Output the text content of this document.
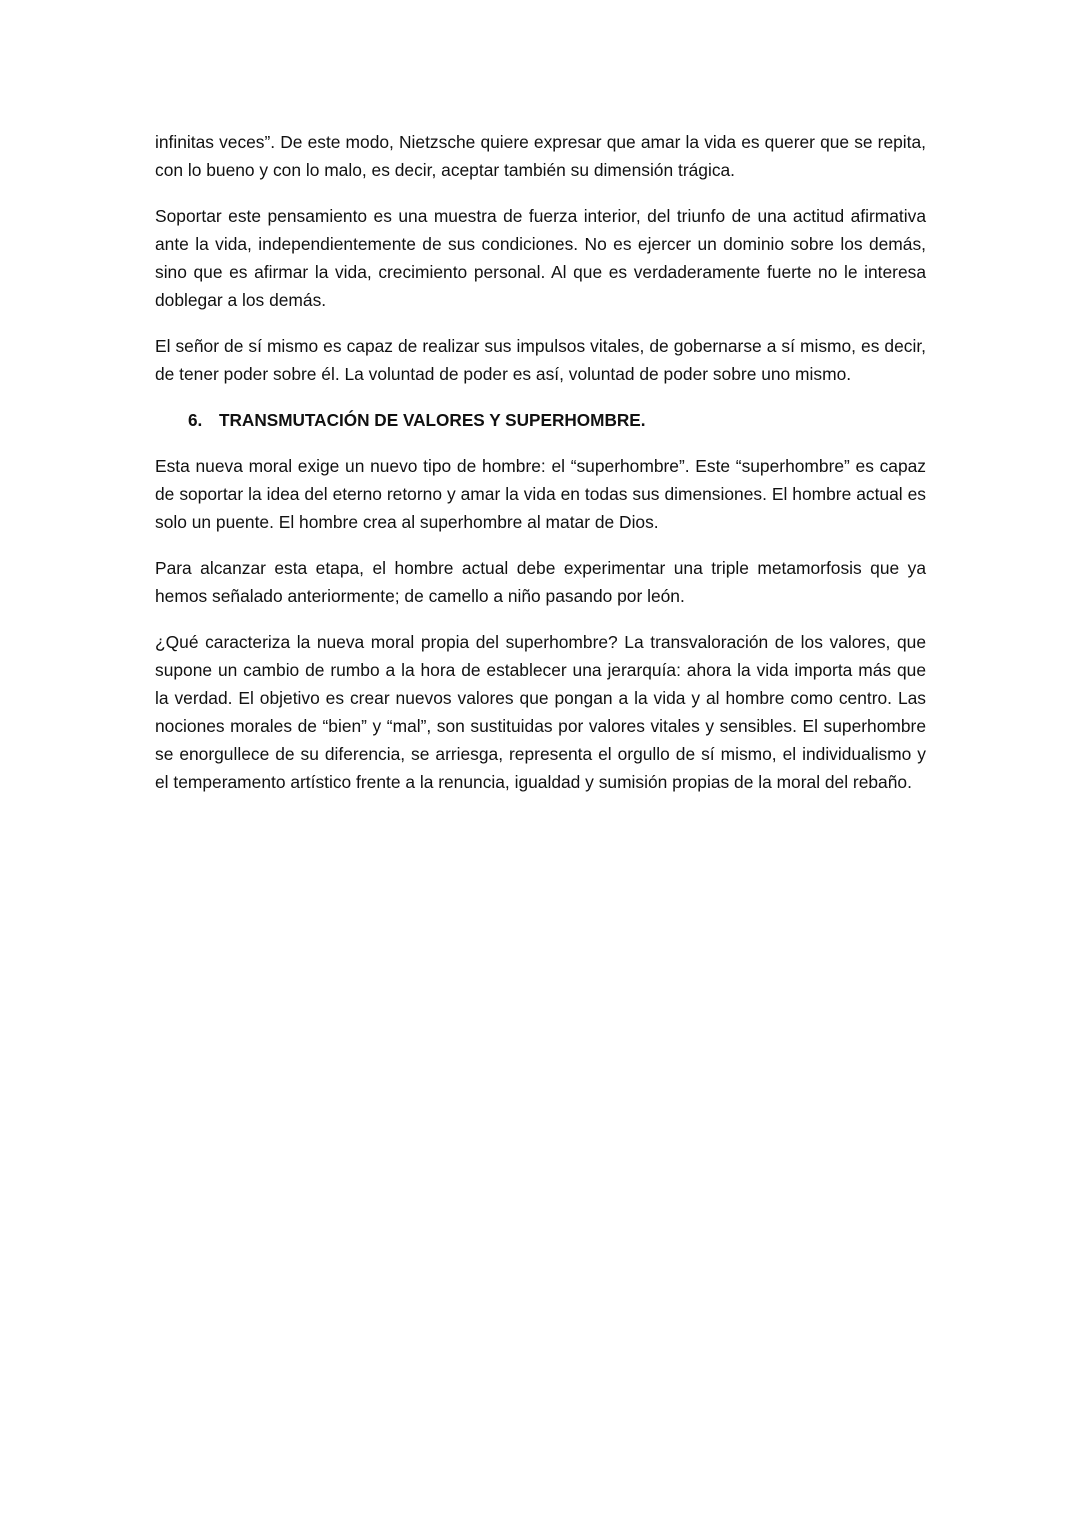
infinitas veces”. De este modo, Nietzsche quiere expresar que amar la vida es querer que se repita, con lo bueno y con lo malo, es decir, aceptar también su dimensión trágica.

Soportar este pensamiento es una muestra de fuerza interior, del triunfo de una actitud afirmativa ante la vida, independientemente de sus condiciones. No es ejercer un dominio sobre los demás, sino que es afirmar la vida, crecimiento personal. Al que es verdaderamente fuerte no le interesa doblegar a los demás.

El señor de sí mismo es capaz de realizar sus impulsos vitales, de gobernarse a sí mismo, es decir, de tener poder sobre él. La voluntad de poder es así, voluntad de poder sobre uno mismo.

6. TRANSMUTACIÓN DE VALORES Y SUPERHOMBRE.

Esta nueva moral exige un nuevo tipo de hombre: el “superhombre”. Este “superhombre” es capaz de soportar la idea del eterno retorno y amar la vida en todas sus dimensiones. El hombre actual es solo un puente. El hombre crea al superhombre al matar de Dios.

Para alcanzar esta etapa, el hombre actual debe experimentar una triple metamorfosis que ya hemos señalado anteriormente; de camello a niño pasando por león.

¿Qué caracteriza la nueva moral propia del superhombre? La transvaloración de los valores, que supone un cambio de rumbo a la hora de establecer una jerarquía: ahora la vida importa más que la verdad. El objetivo es crear nuevos valores que pongan a la vida y al hombre como centro. Las nociones morales de “bien” y “mal”, son sustituidas por valores vitales y sensibles. El superhombre se enorgullece de su diferencia, se arriesga, representa el orgullo de sí mismo, el individualismo y el temperamento artístico frente a la renuncia, igualdad y sumisión propias de la moral del rebaño.
